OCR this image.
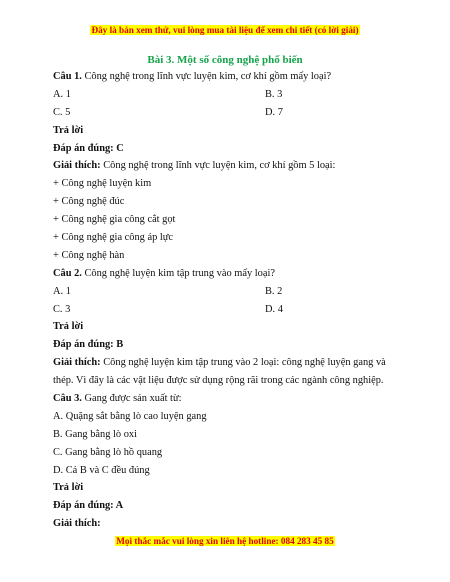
Đây là bản xem thử, vui lòng mua tài liệu để xem chi tiết (có lời giải)
Bài 3. Một số công nghệ phổ biến
Câu 1. Công nghệ trong lĩnh vực luyện kim, cơ khí gồm mấy loại?
A. 1	B. 3
C. 5	D. 7
Trả lời
Đáp án đúng: C
Giải thích: Công nghệ trong lĩnh vực luyện kim, cơ khí gồm 5 loại:
+ Công nghệ luyện kim
+ Công nghệ đúc
+ Công nghệ gia công cắt gọt
+ Công nghệ gia công áp lực
+ Công nghệ hàn
Câu 2. Công nghệ luyện kim tập trung vào mấy loại?
A. 1	B. 2
C. 3	D. 4
Trả lời
Đáp án đúng: B
Giải thích: Công nghệ luyện kim tập trung vào 2 loại: công nghệ luyện gang và
thép. Vì đây là các vật liệu được sử dụng rộng rãi trong các ngành công nghiệp.
Câu 3. Gang được sản xuất từ:
A. Quặng sắt bằng lò cao luyện gang
B. Gang bằng lò oxi
C. Gang bằng lò hồ quang
D. Cả B và C đều đúng
Trả lời
Đáp án đúng: A
Giải thích:
Mọi thắc mắc vui lòng xin liên hệ hotline: 084 283 45 85
